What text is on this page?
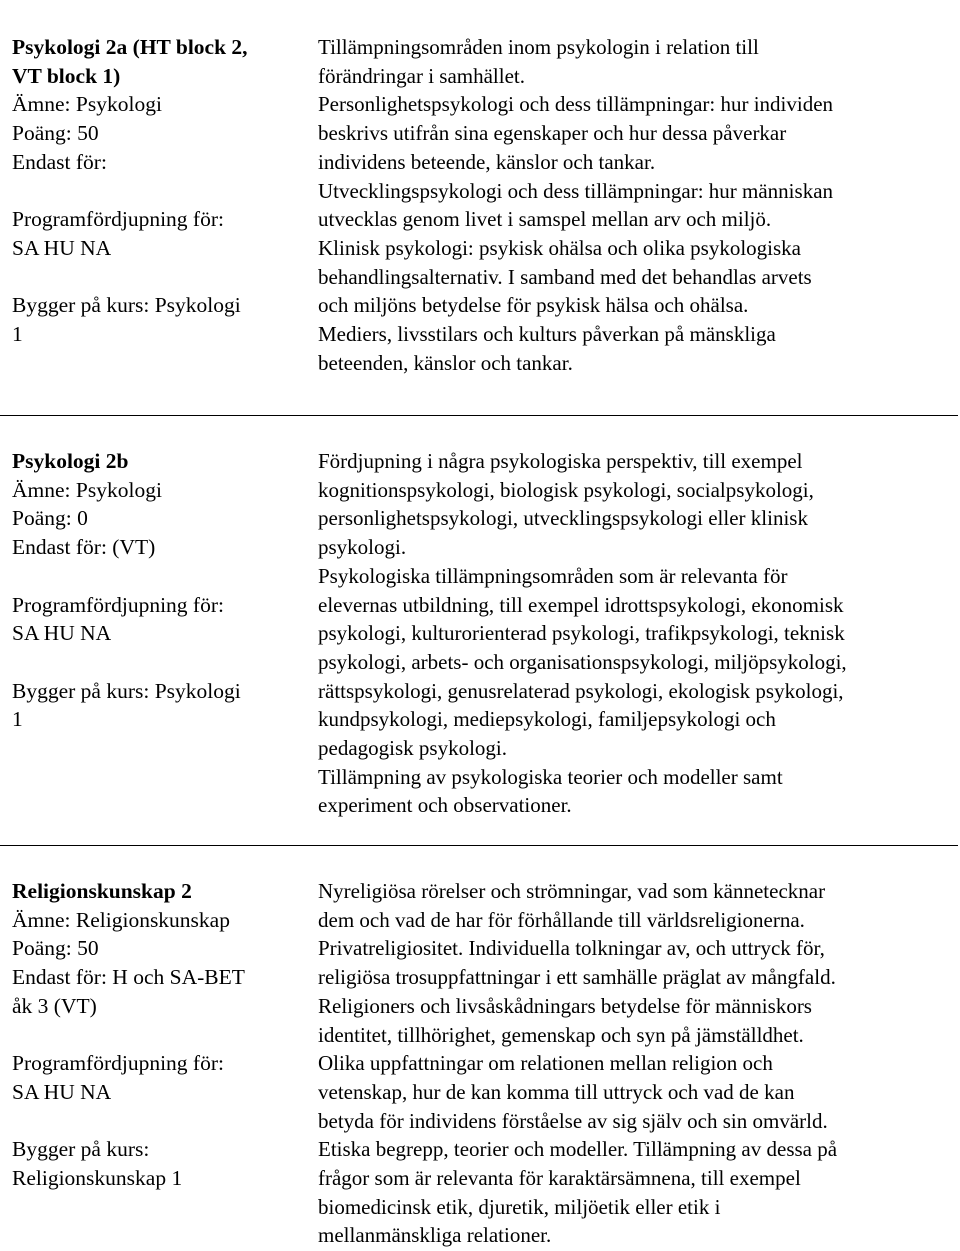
Psykologi 2a (HT block 2,
VT block 1)
Ämne: Psykologi
Poäng: 50
Endast för:
Programfördjupning för:
SA HU NA
Bygger på kurs: Psykologi
1
Tillämpningsområden inom psykologin i relation till
förändringar i samhället.
Personlighetspsykologi och dess tillämpningar: hur individen
beskrivs utifrån sina egenskaper och hur dessa påverkar
individens beteende, känslor och tankar.
Utvecklingspsykologi och dess tillämpningar: hur människan
utvecklas genom livet i samspel mellan arv och miljö.
Klinisk psykologi: psykisk ohälsa och olika psykologiska
behandlingsalternativ. I samband med det behandlas arvets
och miljöns betydelse för psykisk hälsa och ohälsa.
Mediers, livsstilars och kulturs påverkan på mänskliga
beteenden, känslor och tankar.
Psykologi 2b
Ämne: Psykologi
Poäng: 0
Endast för: (VT)
Programfördjupning för:
SA HU NA
Bygger på kurs: Psykologi
1
Fördjupning i några psykologiska perspektiv, till exempel
kognitionspsykologi, biologisk psykologi, socialpsykologi,
personlighetspsykologi, utvecklingspsykologi eller klinisk
psykologi.
Psykologiska tillämpningsområden som är relevanta för
elevernas utbildning, till exempel idrottspsykologi, ekonomisk
psykologi, kulturorienterad psykologi, trafikpsykologi, teknisk
psykologi, arbets- och organisationspsykologi, miljöpsykologi,
rättspsykologi, genusrelaterad psykologi, ekologisk psykologi,
kundpsykologi, mediepsykologi, familjepsykologi och
pedagogisk psykologi.
Tillämpning av psykologiska teorier och modeller samt
experiment och observationer.
Religionskunskap 2
Ämne: Religionskunskap
Poäng: 50
Endast för: H och SA-BET
åk 3 (VT)
Programfördjupning för:
SA HU NA
Bygger på kurs:
Religionskunskap 1
Nyreligiösa rörelser och strömningar, vad som kännetecknar
dem och vad de har för förhållande till världsreligionerna.
Privatreligiositet. Individuella tolkningar av, och uttryck för,
religiösa trosuppfattningar i ett samhälle präglat av mångfald.
Religioners och livsåskådningars betydelse för människors
identitet, tillhörighet, gemenskap och syn på jämställdhet.
Olika uppfattningar om relationen mellan religion och
vetenskap, hur de kan komma till uttryck och vad de kan
betyda för individens förståelse av sig själv och sin omvärld.
Etiska begrepp, teorier och modeller. Tillämpning av dessa på
frågor som är relevanta för karaktärsämnena, till exempel
biomedicinsk etik, djuretik, miljöetik eller etik i
mellanmänskliga relationer.
